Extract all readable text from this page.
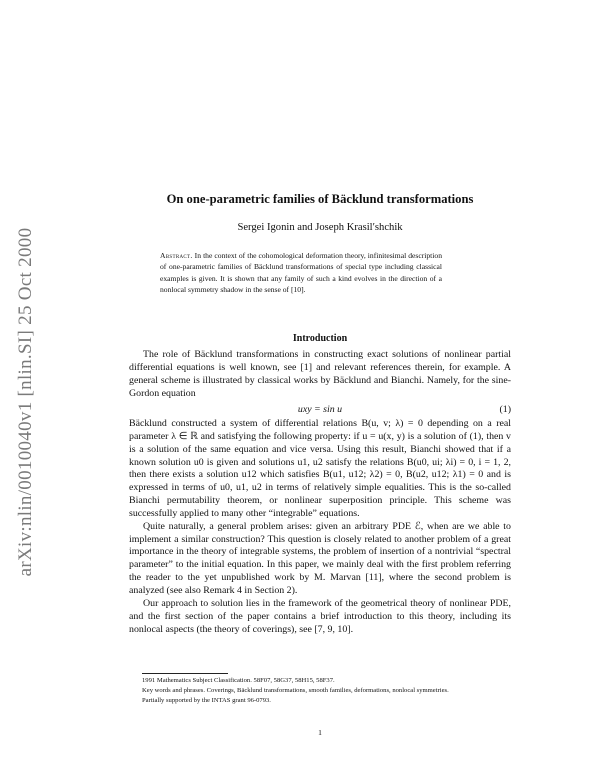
arXiv:nlin/0010040v1 [nlin.SI] 25 Oct 2000
On one-parametric families of Bäcklund transformations
Sergei Igonin and Joseph Krasil′shchik
Abstract. In the context of the cohomological deformation theory, infinitesimal description of one-parametric families of Bäcklund transformations of special type including classical examples is given. It is shown that any family of such a kind evolves in the direction of a nonlocal symmetry shadow in the sense of [10].
Introduction

The role of Bäcklund transformations in constructing exact solutions of nonlinear partial differential equations is well known, see [1] and relevant references therein, for example. A general scheme is illustrated by classical works by Bäcklund and Bianchi. Namely, for the sine-Gordon equation

uxy = sin u	(1)

Bäcklund constructed a system of differential relations B(u, v; λ) = 0 depending on a real parameter λ ∈ ℝ and satisfying the following property: if u = u(x, y) is a solution of (1), then v is a solution of the same equation and vice versa. Using this result, Bianchi showed that if a known solution u0 is given and solutions u1, u2 satisfy the relations B(u0, ui; λi) = 0, i = 1, 2, then there exists a solution u12 which satisfies B(u1, u12; λ2) = 0, B(u2, u12; λ1) = 0 and is expressed in terms of u0, u1, u2 in terms of relatively simple equalities. This is the so-called Bianchi permutability theorem, or nonlinear superposition principle. This scheme was successfully applied to many other “integrable” equations.

Quite naturally, a general problem arises: given an arbitrary PDE ℰ, when are we able to implement a similar construction? This question is closely related to another problem of a great importance in the theory of integrable systems, the problem of insertion of a nontrivial “spectral parameter” to the initial equation. In this paper, we mainly deal with the first problem referring the reader to the yet unpublished work by M. Marvan [11], where the second problem is analyzed (see also Remark 4 in Section 2).

Our approach to solution lies in the framework of the geometrical theory of nonlinear PDE, and the first section of the paper contains a brief introduction to this theory, including its nonlocal aspects (the theory of coverings), see [7, 9, 10].

1991 Mathematics Subject Classification. 58F07, 58G37, 58H15, 58F37.
Key words and phrases. Coverings, Bäcklund transformations, smooth families, deformations, nonlocal symmetries.
Partially supported by the INTAS grant 96-0793.
1
